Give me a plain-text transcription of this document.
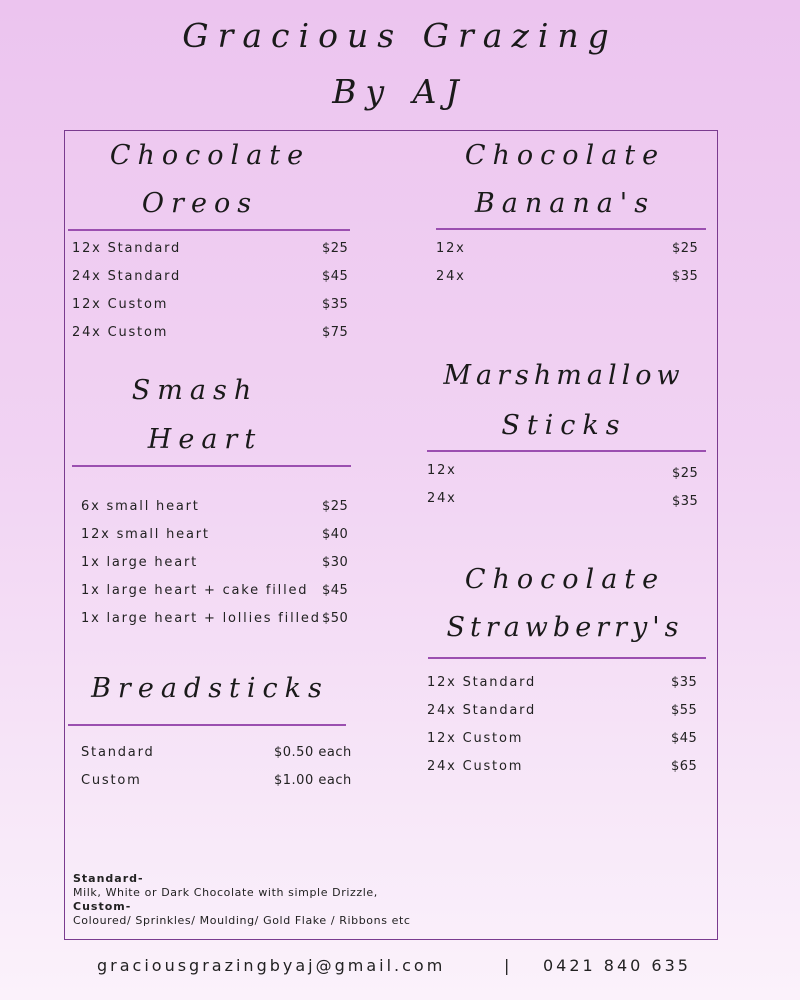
Gracious Grazing
By AJ
Chocolate
Oreos
12x Standard	$25
24x Standard	$45
12x Custom	$35
24x Custom	$75
Chocolate
Banana's
12x	$25
24x	$35
Smash
Heart
6x small heart	$25
12x small heart	$40
1x large heart	$30
1x large heart + cake filled $45
1x large heart + lollies filled $50
Marshmallow
Sticks
12x	$25
24x	$35
Breadsticks
Standard	$0.50 each
Custom	$1.00 each
Chocolate
Strawberry's
12x Standard	$35
24x Standard	$55
12x Custom	$45
24x Custom	$65
Standard-
Milk, White or Dark Chocolate with simple Drizzle,
Custom-
Coloured/ Sprinkles/ Moulding/ Gold Flake / Ribbons etc
graciousgrazingbyaj@gmail.com	| 0421 840 635
